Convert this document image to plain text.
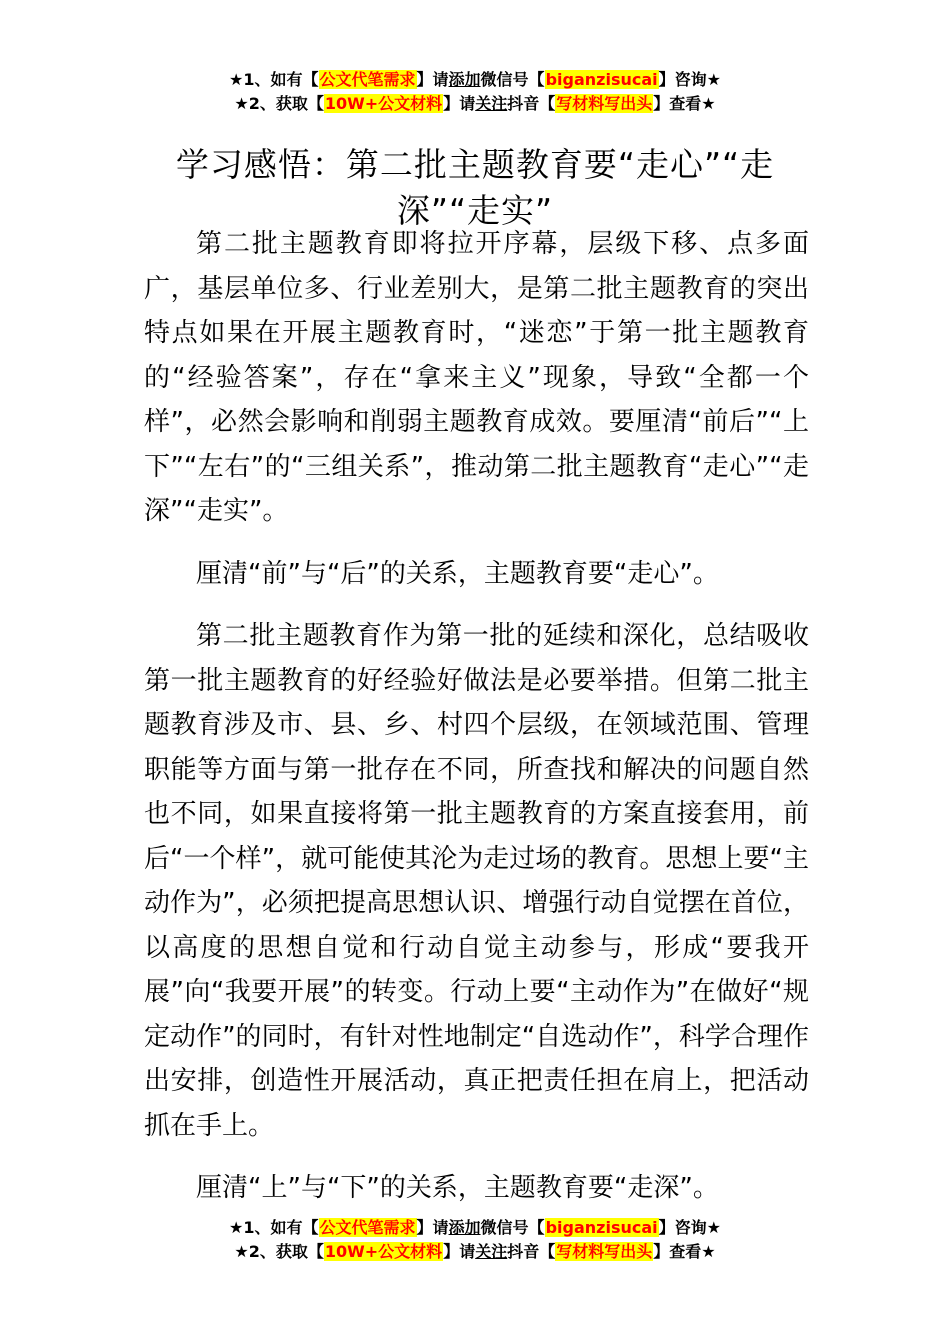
★1、如有【公文代笔需求】请添加微信号【biganzisucai】咨询★
★2、获取【10W+公文材料】请关注抖音【写材料写出头】查看★
学习感悟：第二批主题教育要“走心”“走深”“走实”

第二批主题教育即将拉开序幕，层级下移、点多面广，基层单位多、行业差别大，是第二批主题教育的突出特点如果在开展主题教育时，“迷恋”于第一批主题教育的“经验答案”，存在“拿来主义”现象，导致“全都一个样”，必然会影响和削弱主题教育成效。要厘清“前后”“上下”“左右”的“三组关系”，推动第二批主题教育“走心”“走深”“走实”。

厘清“前”与“后”的关系，主题教育要“走心”。

第二批主题教育作为第一批的延续和深化，总结吸收第一批主题教育的好经验好做法是必要举措。但第二批主题教育涉及市、县、乡、村四个层级，在领域范围、管理职能等方面与第一批存在不同，所查找和解决的问题自然也不同，如果直接将第一批主题教育的方案直接套用，前后“一个样”，就可能使其沦为走过场的教育。思想上要“主动作为”，必须把提高思想认识、增强行动自觉摆在首位，以高度的思想自觉和行动自觉主动参与，形成“要我开展”向“我要开展”的转变。行动上要“主动作为”在做好“规定动作”的同时，有针对性地制定“自选动作”，科学合理作出安排，创造性开展活动，真正把责任担在肩上，把活动抓在手上。

厘清“上”与“下”的关系，主题教育要“走深”。

★1、如有【公文代笔需求】请添加微信号【biganzisucai】咨询★
★2、获取【10W+公文材料】请关注抖音【写材料写出头】查看★
